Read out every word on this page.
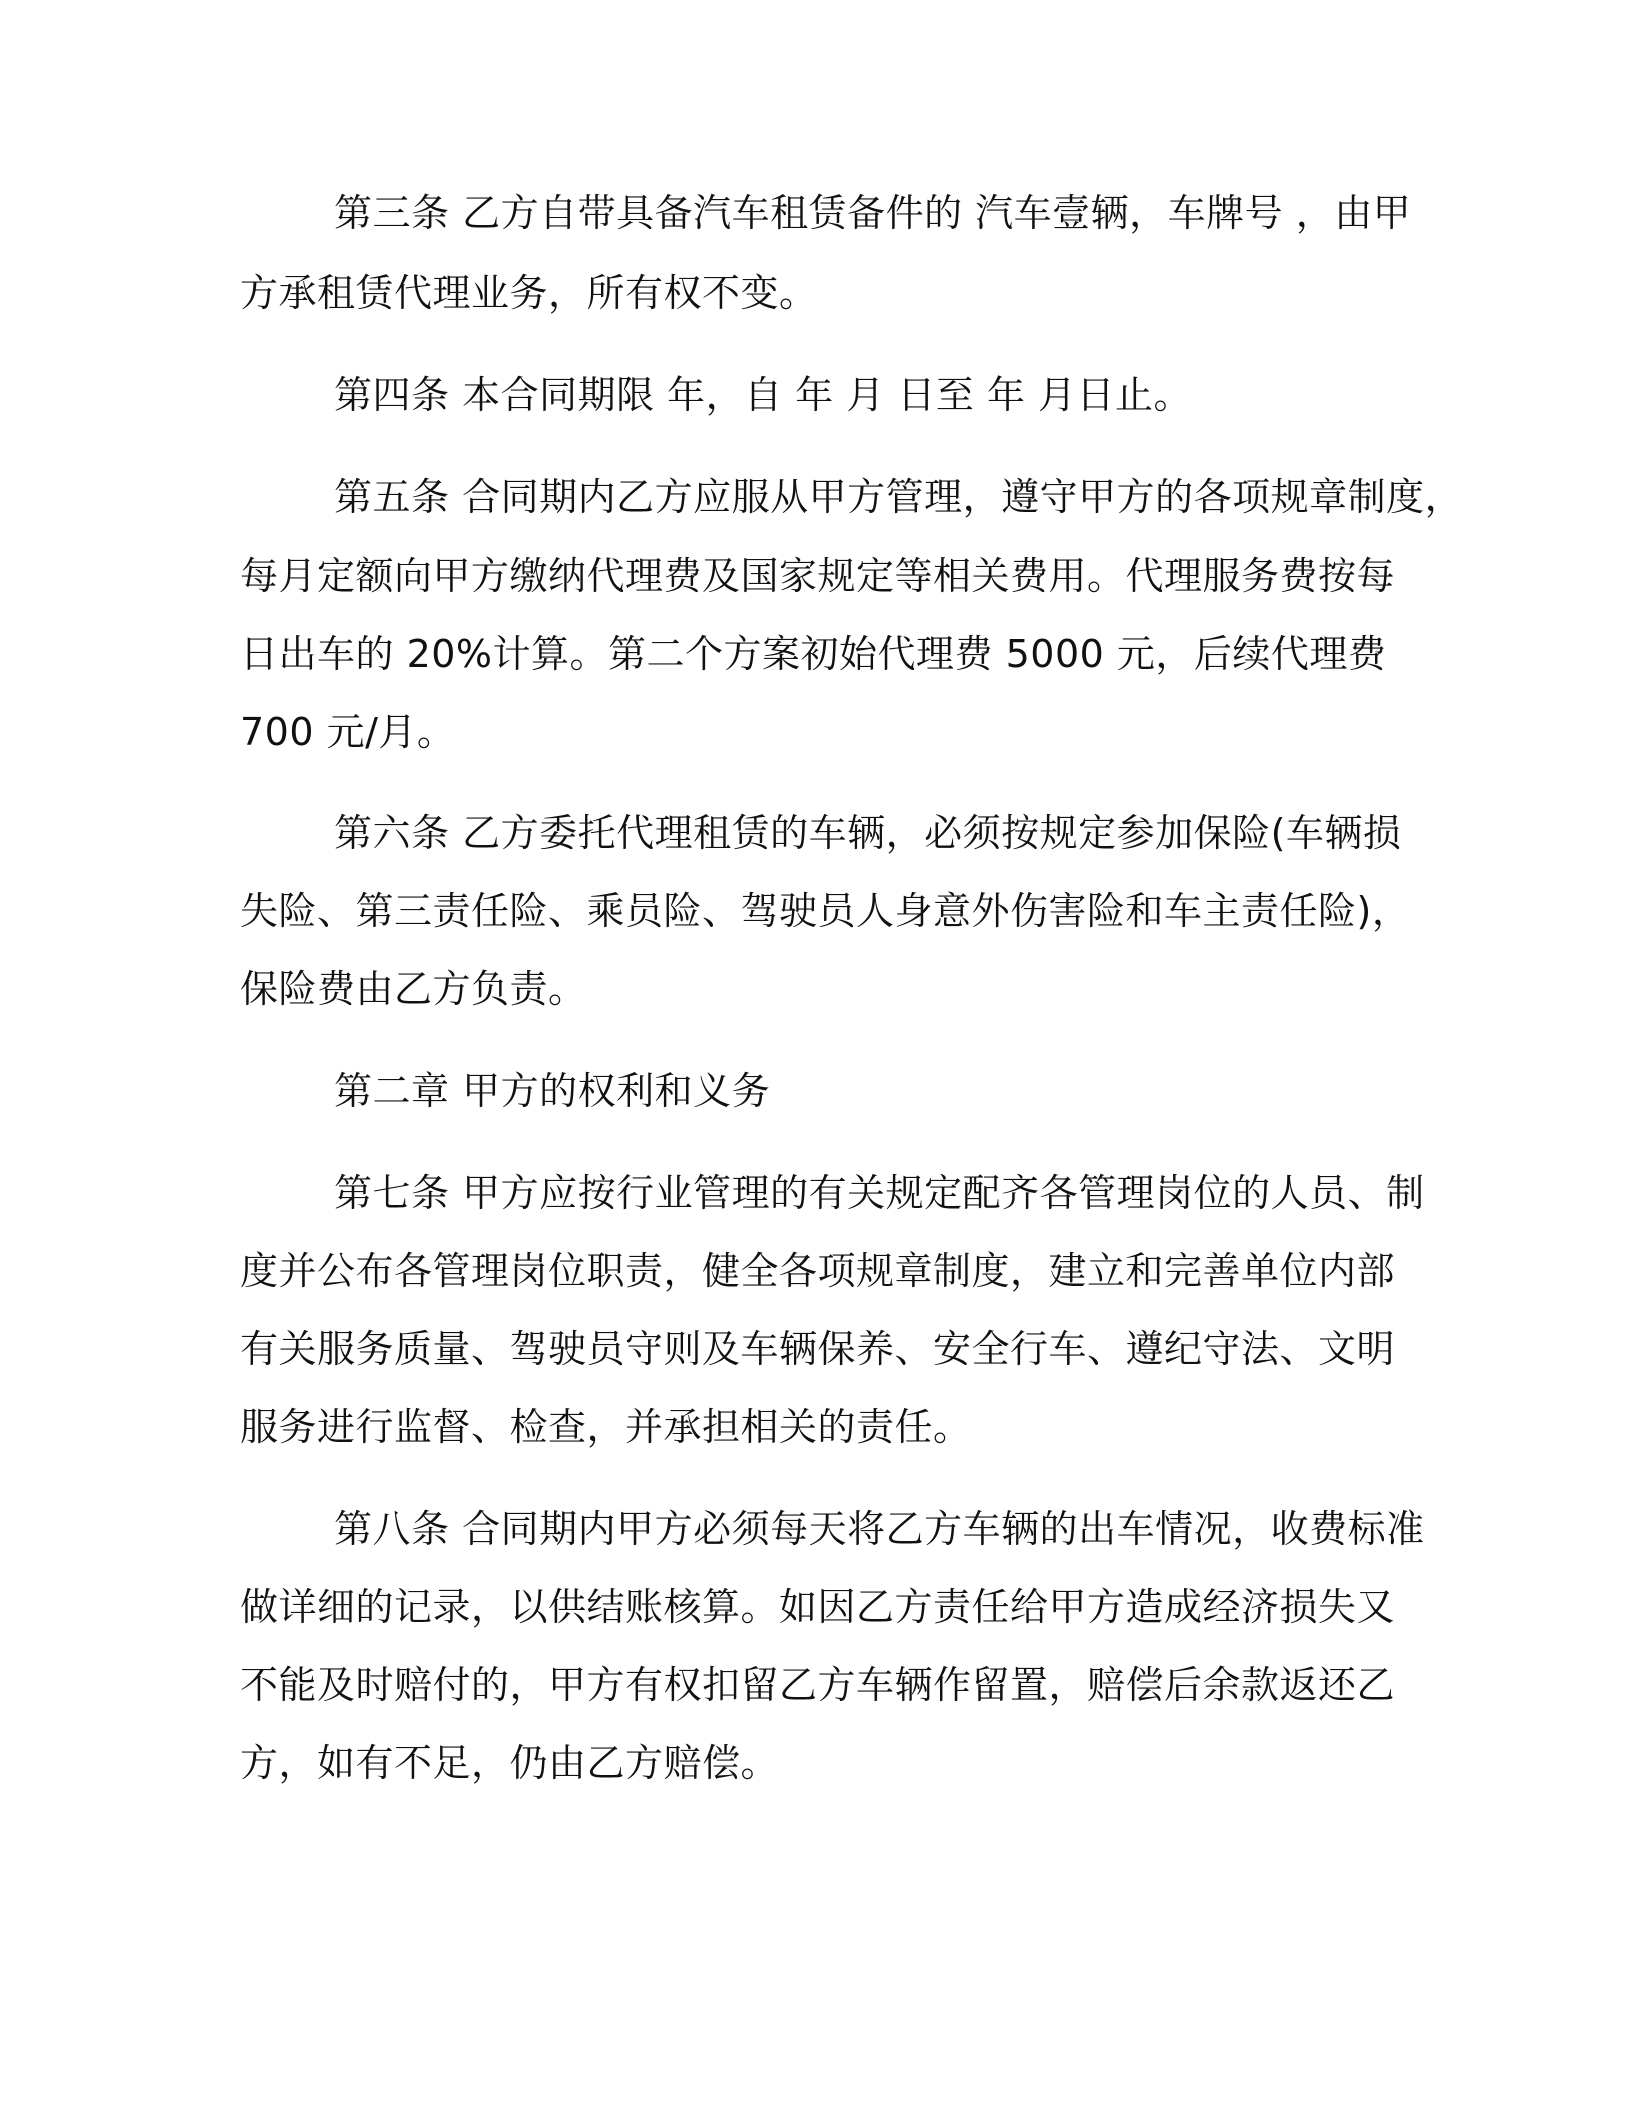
第三条 乙方自带具备汽车租赁备件的 汽车壹辆，车牌号 ，由甲
方承租赁代理业务，所有权不变。
第四条 本合同期限 年，自 年 月 日至 年 月日止。
第五条 合同期内乙方应服从甲方管理，遵守甲方的各项规章制度，
每月定额向甲方缴纳代理费及国家规定等相关费用。代理服务费按每
日出车的 20%计算。第二个方案初始代理费 5000 元，后续代理费
700 元/月。
第六条 乙方委托代理租赁的车辆，必须按规定参加保险(车辆损
失险、第三责任险、乘员险、驾驶员人身意外伤害险和车主责任险)，
保险费由乙方负责。
第二章 甲方的权利和义务
第七条 甲方应按行业管理的有关规定配齐各管理岗位的人员、制
度并公布各管理岗位职责，健全各项规章制度，建立和完善单位内部
有关服务质量、驾驶员守则及车辆保养、安全行车、遵纪守法、文明
服务进行监督、检查，并承担相关的责任。
第八条 合同期内甲方必须每天将乙方车辆的出车情况，收费标准
做详细的记录，以供结账核算。如因乙方责任给甲方造成经济损失又
不能及时赔付的，甲方有权扣留乙方车辆作留置，赔偿后余款返还乙
方，如有不足，仍由乙方赔偿。
